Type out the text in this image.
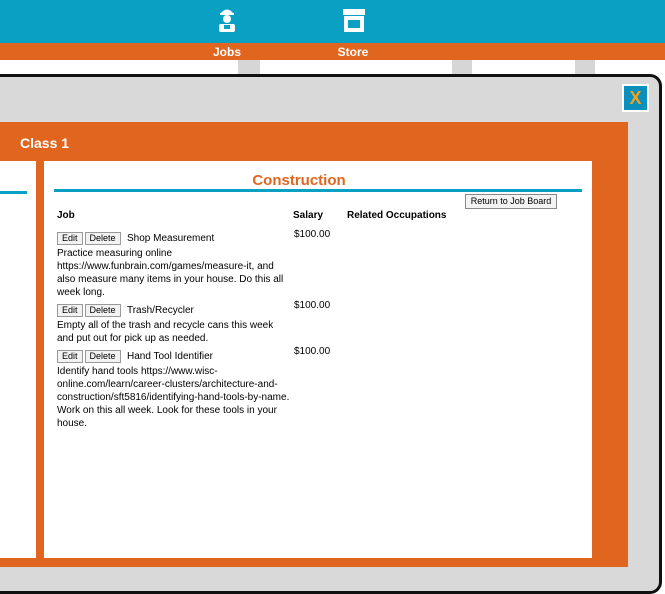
Jobs	Store
X
Class 1
Construction
Return to Job Board
Job	Salary Related Occupations
Edit Delete Shop Measurement
Practice measuring online https://www.funbrain.com/games/measure-it, and also measure many items in your house. Do this all week long.
$100.00
Edit Delete Trash/Recycler
Empty all of the trash and recycle cans this week and put out for pick up as needed.
$100.00
Edit Delete Hand Tool Identifier
Identify hand tools https://www.wisc-online.com/learn/career-clusters/architecture-and-construction/sft5816/identifying-hand-tools-by-name. Work on this all week. Look for these tools in your house.
$100.00
